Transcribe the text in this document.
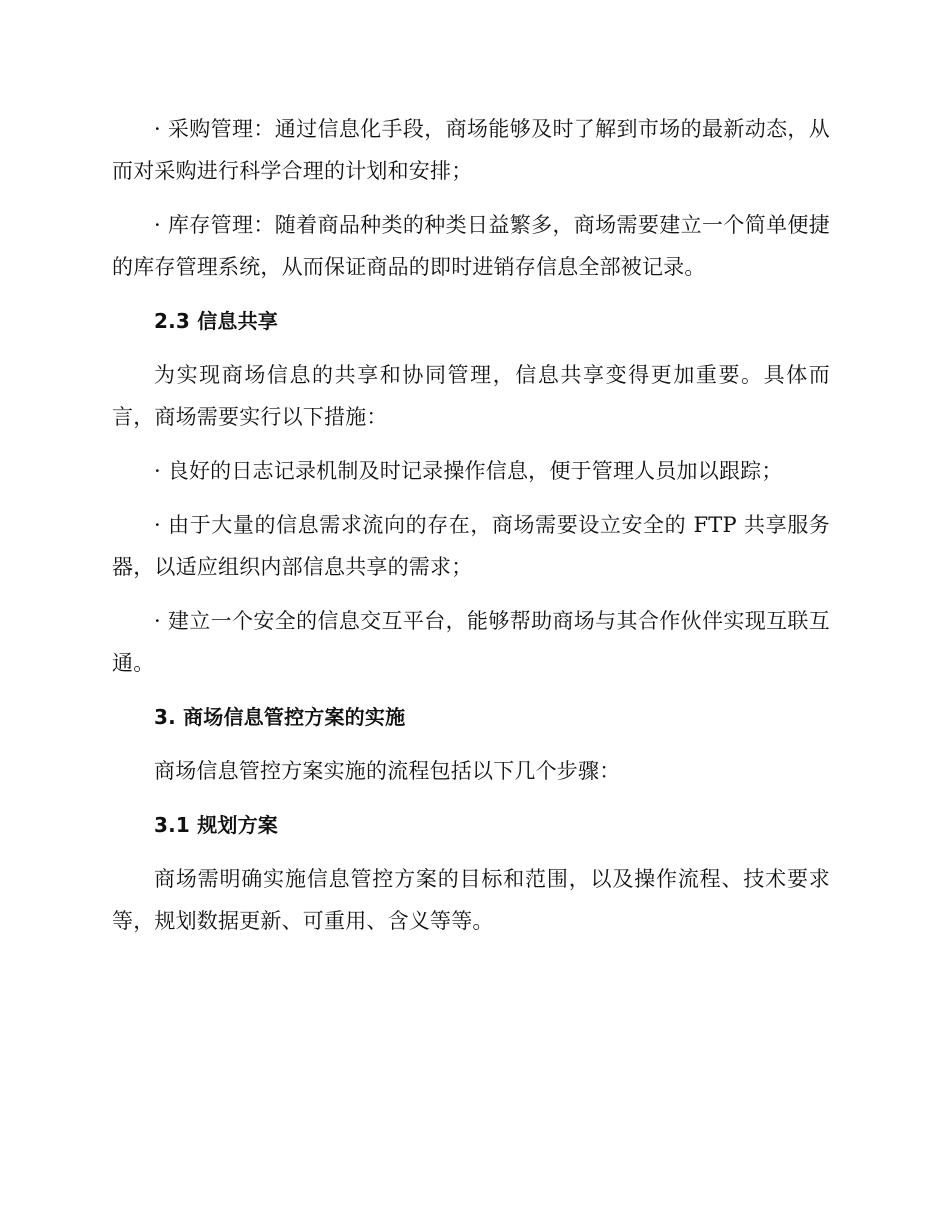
· 采购管理：通过信息化手段，商场能够及时了解到市场的最新动态，从而对采购进行科学合理的计划和安排；

· 库存管理：随着商品种类的种类日益繁多，商场需要建立一个简单便捷的库存管理系统，从而保证商品的即时进销存信息全部被记录。

2.3 信息共享

为实现商场信息的共享和协同管理，信息共享变得更加重要。具体而言，商场需要实行以下措施：

· 良好的日志记录机制及时记录操作信息，便于管理人员加以跟踪；

· 由于大量的信息需求流向的存在，商场需要设立安全的 FTP 共享服务器，以适应组织内部信息共享的需求；

· 建立一个安全的信息交互平台，能够帮助商场与其合作伙伴实现互联互通。

3. 商场信息管控方案的实施

商场信息管控方案实施的流程包括以下几个步骤：

3.1 规划方案

商场需明确实施信息管控方案的目标和范围，以及操作流程、技术要求等，规划数据更新、可重用、含义等等。
